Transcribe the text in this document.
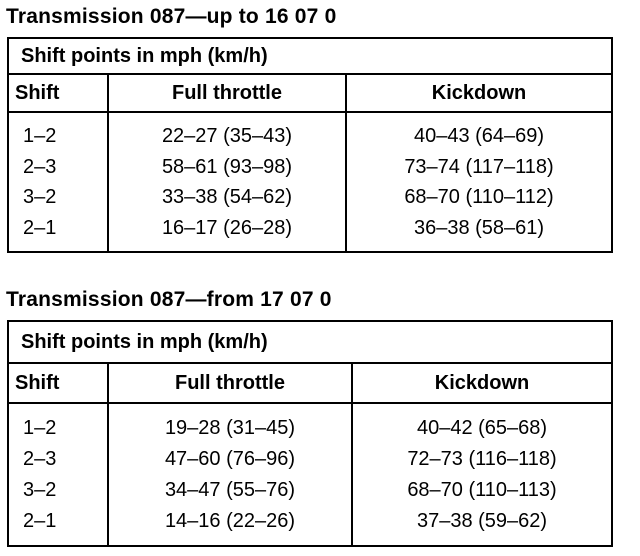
Transmission 087—up to 16 07 0
Shift points in mph (km/h)		
Shift	Full throttle	Kickdown

1–2	22–27 (35–43)	40–43 (64–69)
2–3	58–61 (93–98)	73–74 (117–118)
3–2	33–38 (54–62)	68–70 (110–112)
2–1	16–17 (26–28)	36–38 (58–61)

Transmission 087—from 17 07 0
Shift points in mph (km/h)		
Shift	Full throttle	Kickdown

1–2	19–28 (31–45)	40–42 (65–68)
2–3	47–60 (76–96)	72–73 (116–118)
3–2	34–47 (55–76)	68–70 (110–113)
2–1	14–16 (22–26)	37–38 (59–62)
